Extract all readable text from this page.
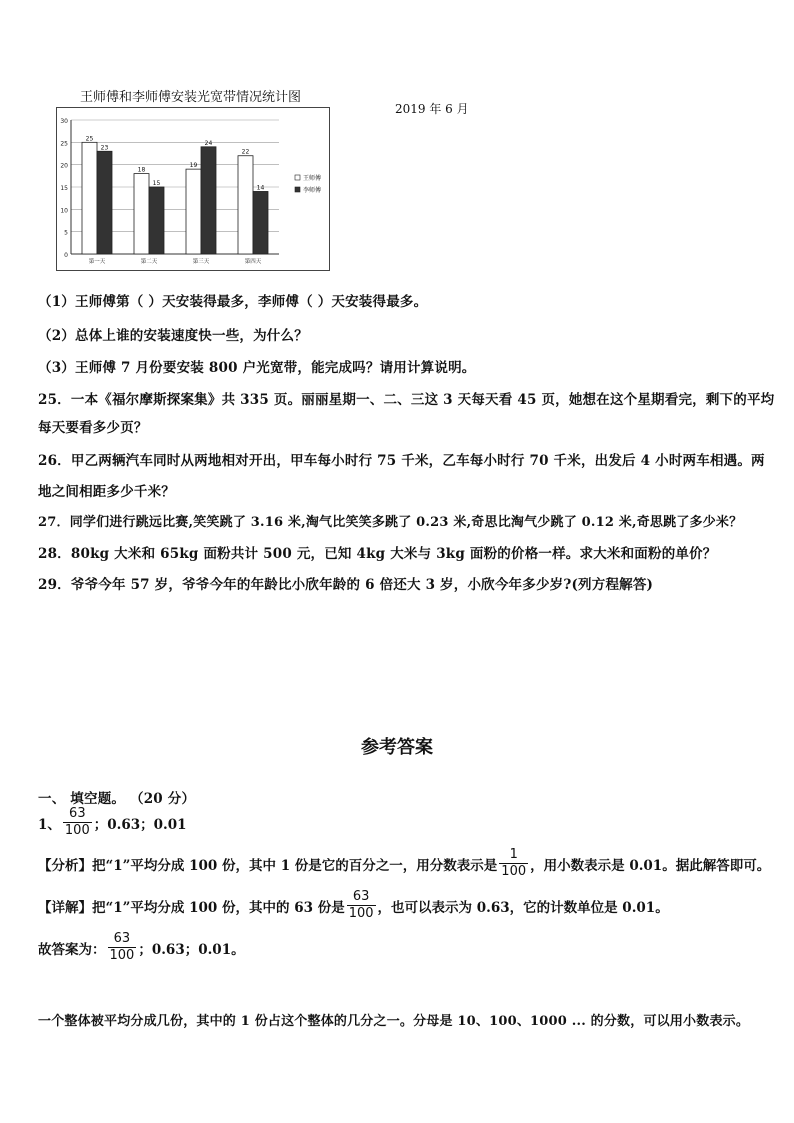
王师傅和李师傅安装光宽带情况统计图
2019 年 6 月
0
5
10
15
20
25
30
25
23
第一天
18
15
第二天
19
24
第三天
22
14
第四天
王师傅
李师傅
（1）王师傅第（ ）天安装得最多，李师傅（ ）天安装得最多。
（2）总体上谁的安装速度快一些，为什么？
（3）王师傅 7 月份要安装 800 户光宽带，能完成吗？请用计算说明。
25．一本《福尔摩斯探案集》共 335 页。丽丽星期一、二、三这 3 天每天看 45 页，她想在这个星期看完，剩下的平均
每天要看多少页？
26．甲乙两辆汽车同时从两地相对开出，甲车每小时行 75 千米，乙车每小时行 70 千米，出发后 4 小时两车相遇。两
地之间相距多少千米？
27．同学们进行跳远比赛,笑笑跳了 3.16 米,淘气比笑笑多跳了 0.23 米,奇思比淘气少跳了 0.12 米,奇思跳了多少米？
28．80kg 大米和 65kg 面粉共计 500 元，已知 4kg 大米与 3kg 面粉的价格一样。求大米和面粉的单价？
29．爷爷今年 57 岁，爷爷今年的年龄比小欣年龄的 6 倍还大 3 岁，小欣今年多少岁?(列方程解答)
参考答案
一、 填空题。 （20 分）
1、 $\frac{63}{100}$ ；0.63；0.01
【分析】把“1”平均分成 100 份，其中 1 份是它的百分之一，用分数表示是 $\frac{1}{100}$ ，用小数表示是 0.01。据此解答即可。
【详解】把“1”平均分成 100 份，其中的 63 份是 $\frac{63}{100}$ ，也可以表示为 0.63，它的计数单位是 0.01。
故答案为： $\frac{63}{100}$ ；0.63；0.01。
一个整体被平均分成几份，其中的 1 份占这个整体的几分之一。分母是 10、100、1000 ... 的分数，可以用小数表示。
